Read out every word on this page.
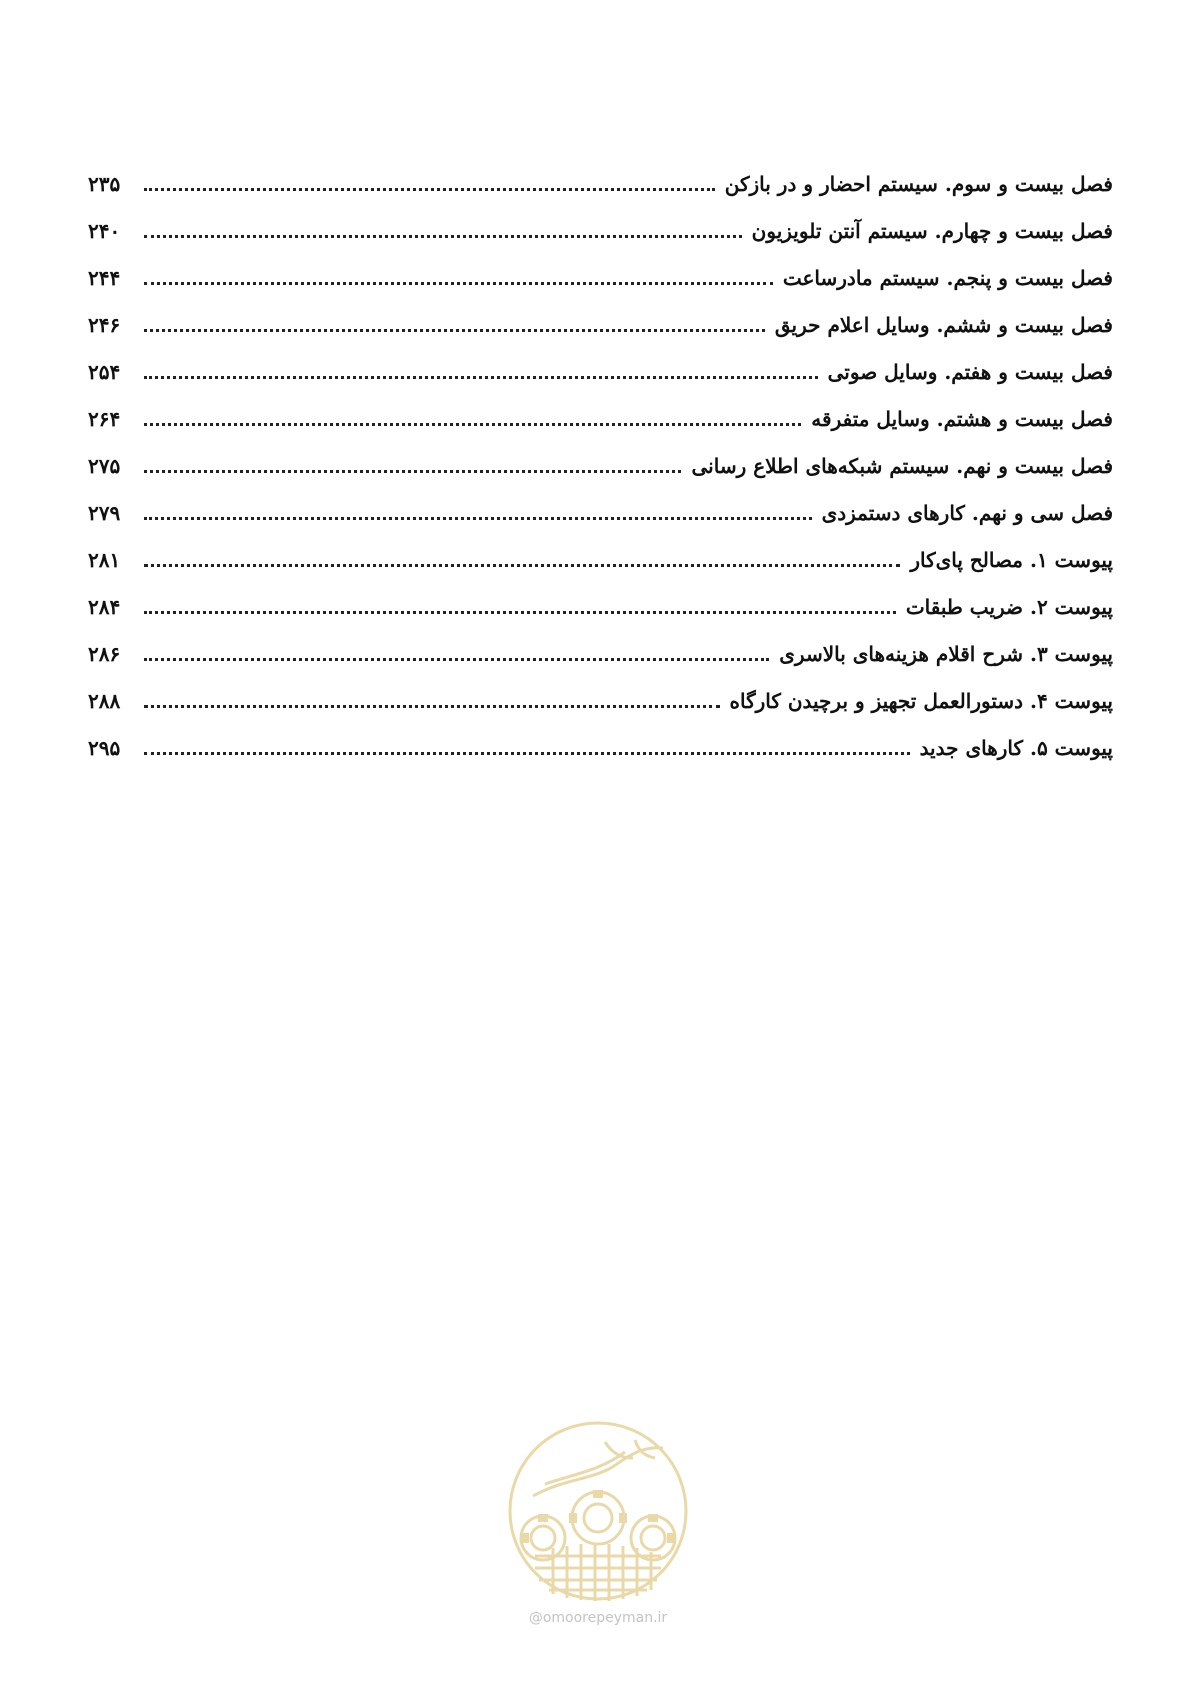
فصل بیست و سوم. سیستم احضار و در بازکن
۲۳۵
فصل بیست و چهارم. سیستم آنتن تلویزیون
۲۴۰
فصل بیست و پنجم. سیستم مادرساعت
۲۴۴
فصل بیست و ششم. وسایل اعلام حریق
۲۴۶
فصل بیست و هفتم. وسایل صوتی
۲۵۴
فصل بیست و هشتم. وسایل متفرقه
۲۶۴
فصل بیست و نهم. سیستم شبکه‌های اطلاع رسانی
۲۷۵
فصل سی و نهم. کارهای دستمزدی
۲۷۹
پیوست ۱. مصالح پای‌کار
۲۸۱
پیوست ۲. ضریب طبقات
۲۸۴
پیوست ۳. شرح اقلام هزینه‌های بالاسری
۲۸۶
پیوست ۴. دستورالعمل تجهیز و برچیدن کارگاه
۲۸۸
پیوست ۵. کارهای جدید
۲۹۵
@omoorepeyman.ir
